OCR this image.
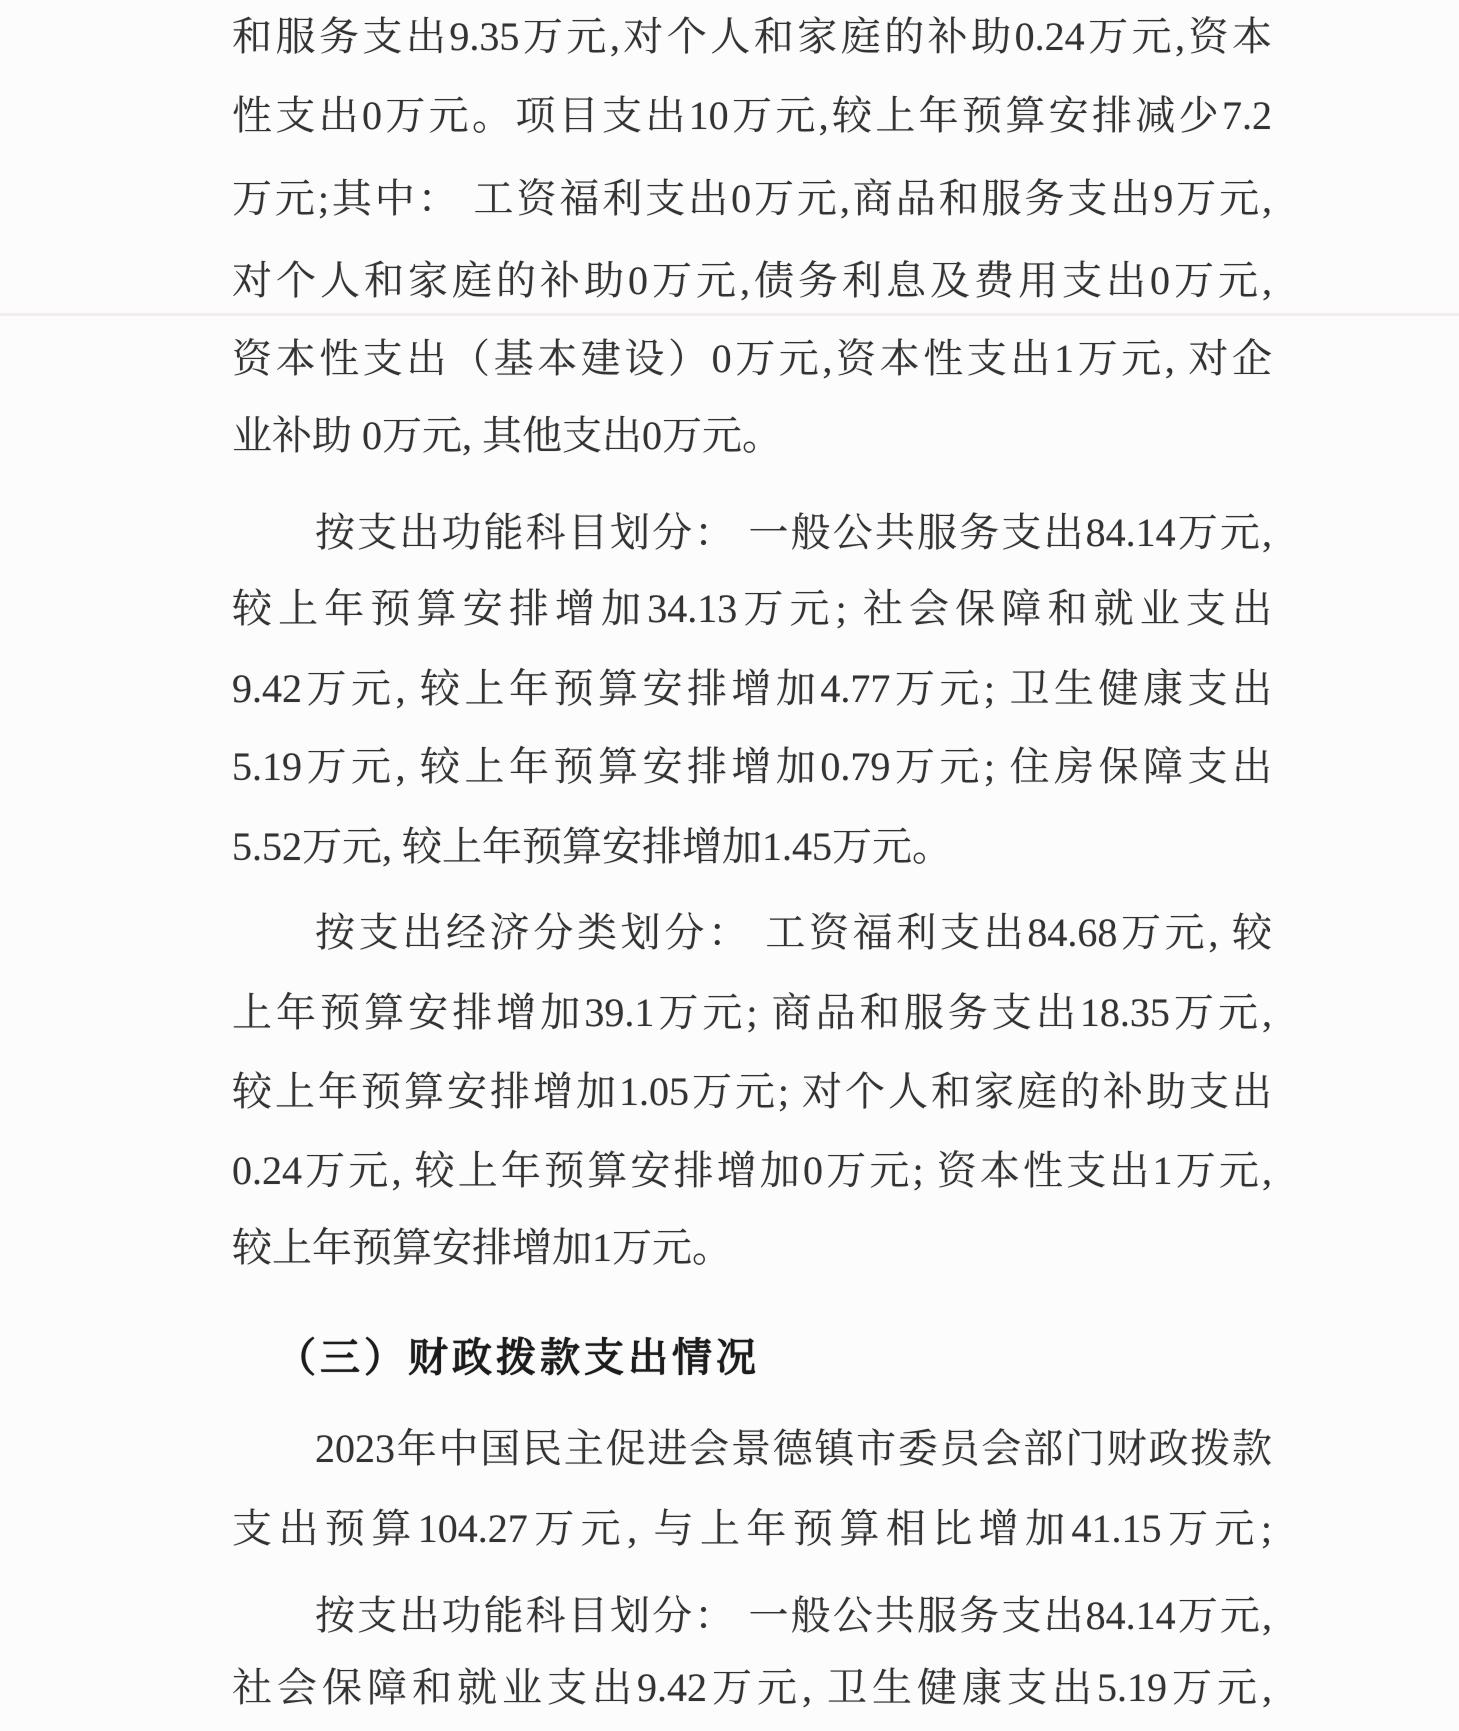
和服务支出9.35万元,对个人和家庭的补助0.24万元,资本
性支出0万元。项目支出10万元,较上年预算安排减少7.2
万元;其中： 工资福利支出0万元,商品和服务支出9万元,
对个人和家庭的补助0万元,债务利息及费用支出0万元,
资本性支出（基本建设）0万元,资本性支出1万元, 对企
业补助 0万元, 其他支出0万元。
按支出功能科目划分： 一般公共服务支出84.14万元,
较上年预算安排增加34.13万元; 社会保障和就业支出
9.42万元, 较上年预算安排增加4.77万元; 卫生健康支出
5.19万元, 较上年预算安排增加0.79万元; 住房保障支出
5.52万元, 较上年预算安排增加1.45万元。
按支出经济分类划分： 工资福利支出84.68万元, 较
上年预算安排增加39.1万元; 商品和服务支出18.35万元,
较上年预算安排增加1.05万元; 对个人和家庭的补助支出
0.24万元, 较上年预算安排增加0万元; 资本性支出1万元,
较上年预算安排增加1万元。
（三）财政拨款支出情况
2023年中国民主促进会景德镇市委员会部门财政拨款
支出预算104.27万元, 与上年预算相比增加41.15万元;
按支出功能科目划分： 一般公共服务支出84.14万元,
社会保障和就业支出9.42万元, 卫生健康支出5.19万元,
